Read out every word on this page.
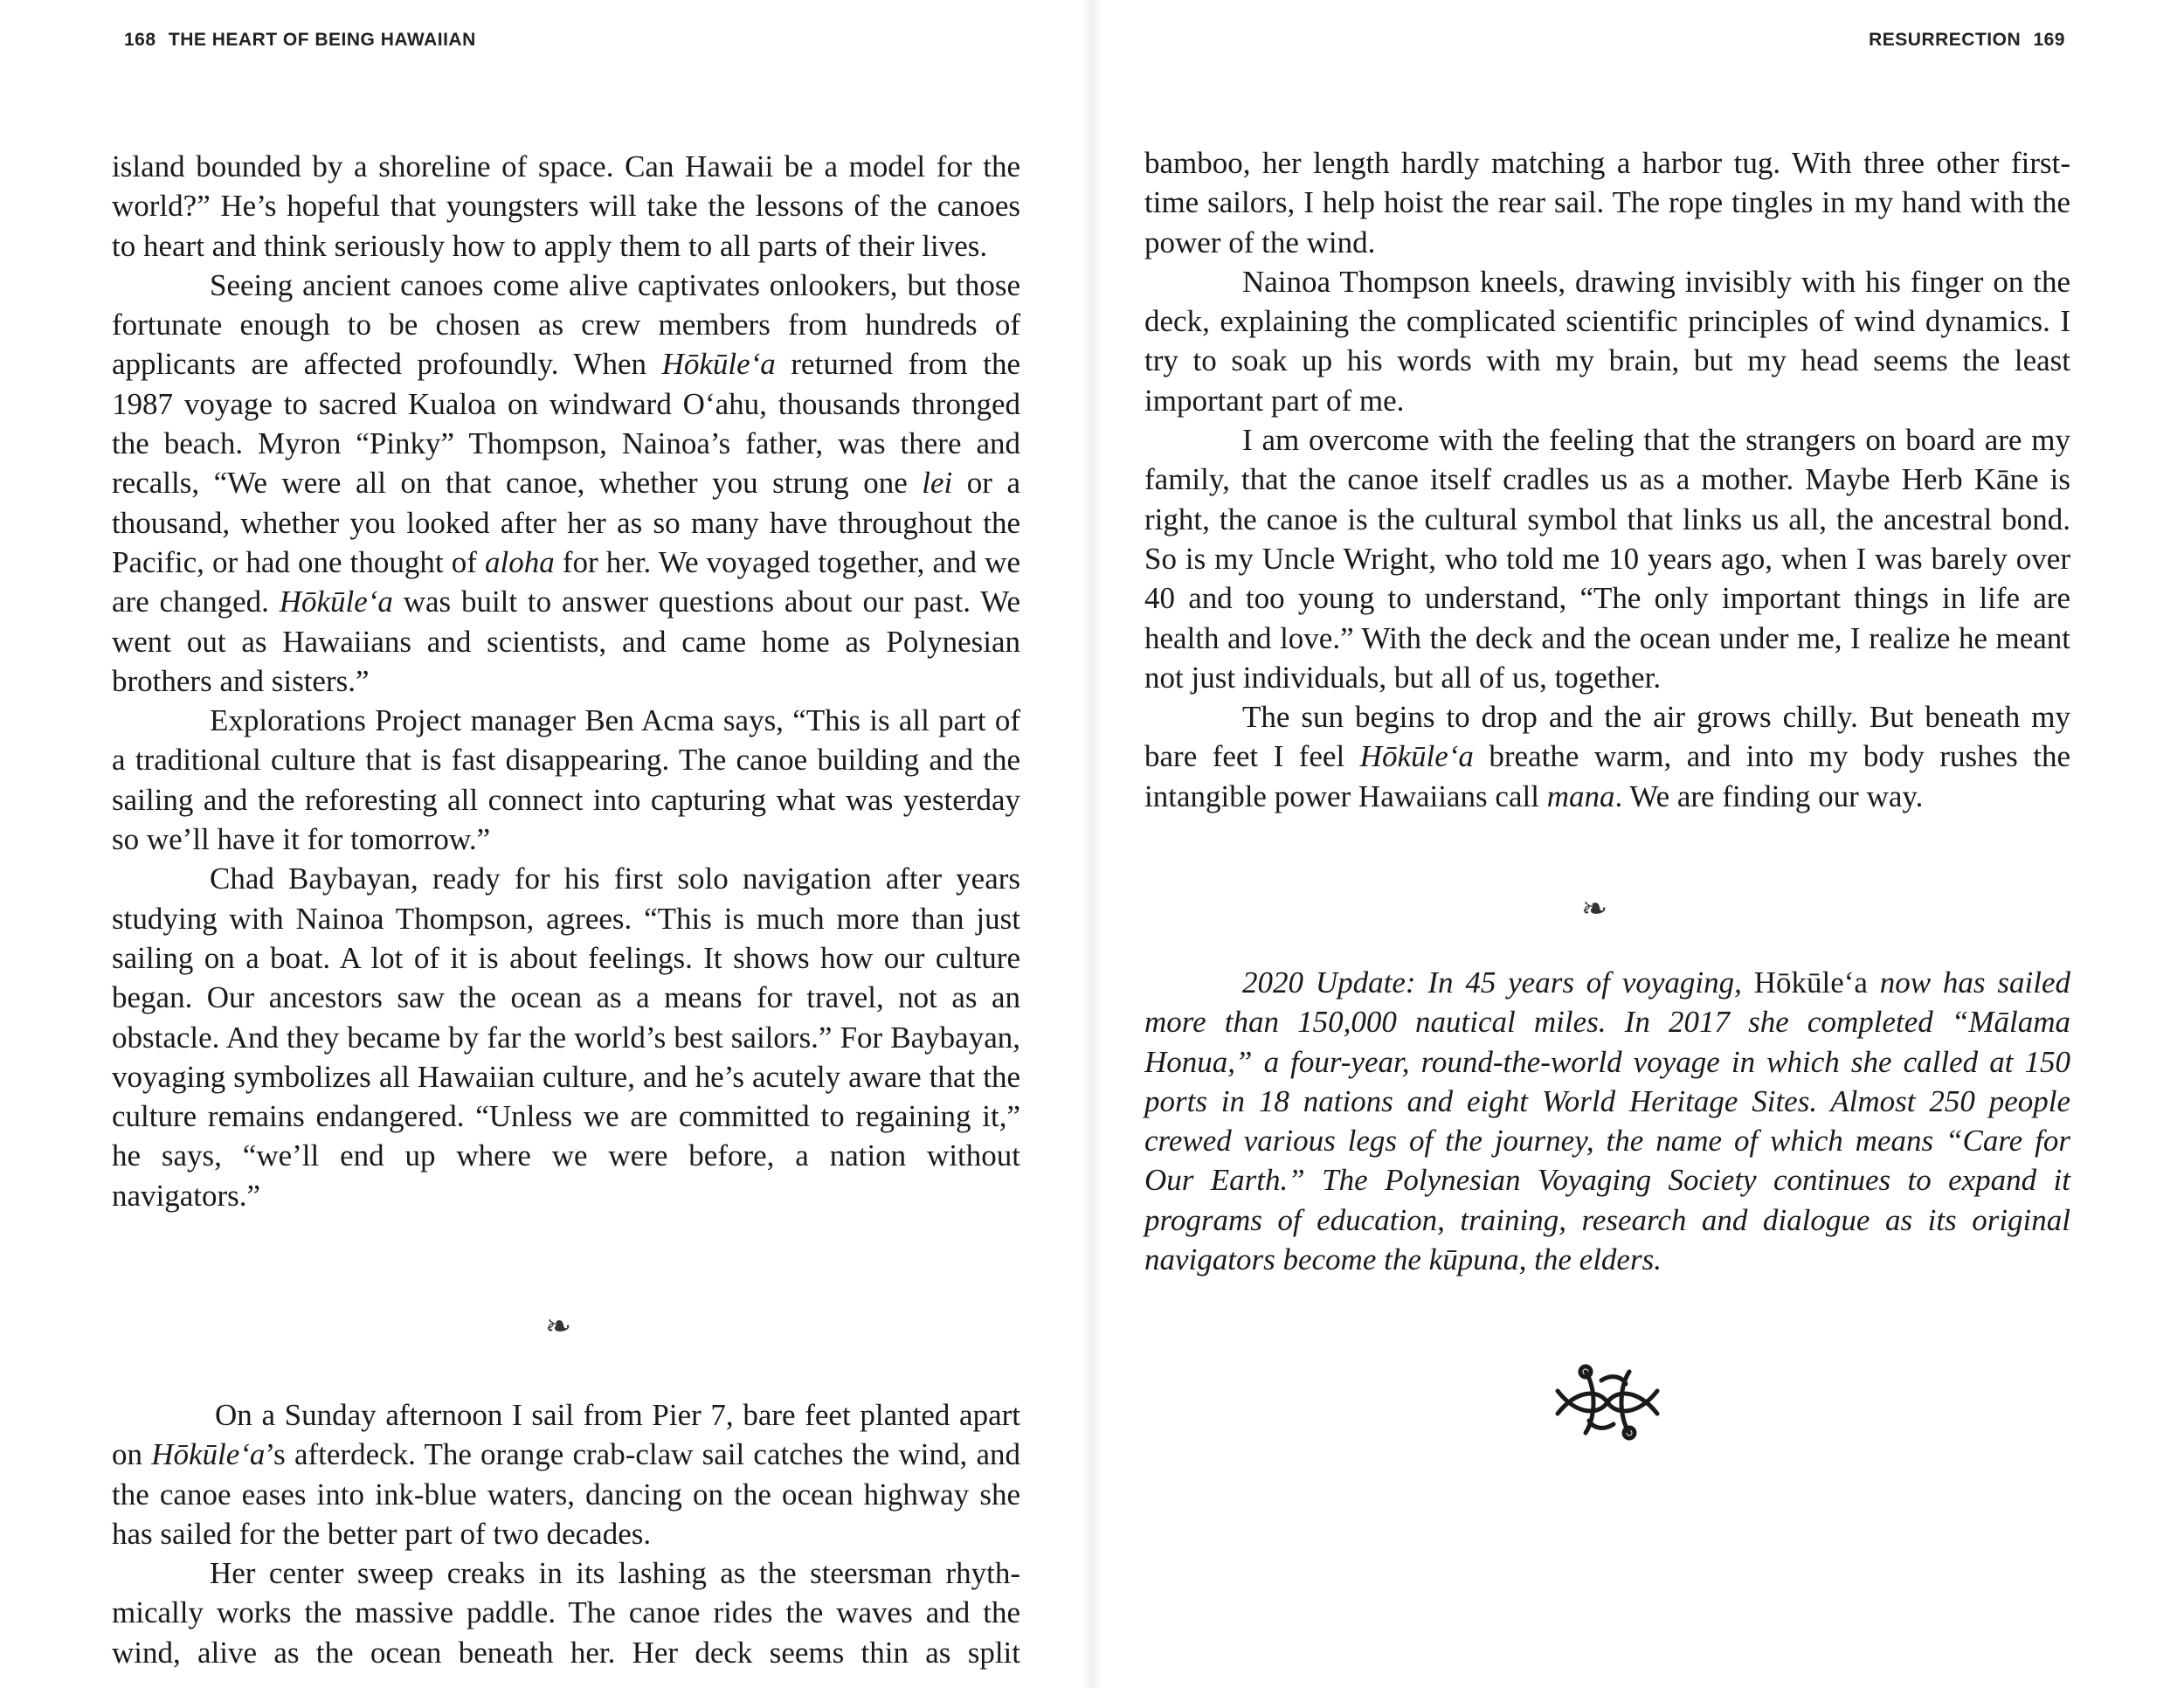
168 THE HEART OF BEING HAWAIIAN

island bounded by a shoreline of space. Can Hawaii be a model for the world?” He’s hopeful that youngsters will take the lessons of the canoes to heart and think seriously how to apply them to all parts of their lives.

Seeing ancient canoes come alive captivates onlookers, but those fortunate enough to be chosen as crew members from hundreds of applicants are affected profoundly. When Hōkūle‘a returned from the 1987 voyage to sacred Kualoa on windward O‘ahu, thousands thronged the beach. Myron “Pinky” Thompson, Nainoa’s father, was there and recalls, “We were all on that canoe, whether you strung one lei or a thousand, whether you looked after her as so many have throughout the Pacific, or had one thought of aloha for her. We voyaged together, and we are changed. Hōkūle‘a was built to answer questions about our past. We went out as Hawaiians and scientists, and came home as Polynesian brothers and sisters.”

Explorations Project manager Ben Acma says, “This is all part of a traditional culture that is fast disappearing. The canoe building and the sailing and the reforesting all connect into capturing what was yesterday so we’ll have it for tomorrow.”

Chad Baybayan, ready for his first solo navigation after years studying with Nainoa Thompson, agrees. “This is much more than just sailing on a boat. A lot of it is about feelings. It shows how our culture began. Our ancestors saw the ocean as a means for travel, not as an obstacle. And they became by far the world’s best sailors.” For Baybayan, voyaging symbolizes all Hawaiian culture, and he’s acutely aware that the culture remains endangered. “Unless we are committed to regaining it,” he says, “we’ll end up where we were before, a nation without navigators.”

❧

On a Sunday afternoon I sail from Pier 7, bare feet planted apart on Hōkūle‘a’s afterdeck. The orange crab-claw sail catches the wind, and the canoe eases into ink-blue waters, dancing on the ocean highway she has sailed for the better part of two decades.

Her center sweep creaks in its lashing as the steersman rhythmically works the massive paddle. The canoe rides the waves and the wind, alive as the ocean beneath her. Her deck seems thin as split

RESURRECTION 169

bamboo, her length hardly matching a harbor tug. With three other first-time sailors, I help hoist the rear sail. The rope tingles in my hand with the power of the wind.

Nainoa Thompson kneels, drawing invisibly with his finger on the deck, explaining the complicated scientific principles of wind dynamics. I try to soak up his words with my brain, but my head seems the least important part of me.

I am overcome with the feeling that the strangers on board are my family, that the canoe itself cradles us as a mother. Maybe Herb Kāne is right, the canoe is the cultural symbol that links us all, the ancestral bond. So is my Uncle Wright, who told me 10 years ago, when I was barely over 40 and too young to understand, “The only important things in life are health and love.” With the deck and the ocean under me, I realize he meant not just individuals, but all of us, together.

The sun begins to drop and the air grows chilly. But beneath my bare feet I feel Hōkūle‘a breathe warm, and into my body rushes the intangible power Hawaiians call mana. We are finding our way.

❧

2020 Update: In 45 years of voyaging, Hōkūle‘a now has sailed more than 150,000 nautical miles. In 2017 she completed “Mālama Honua,” a four-year, round-the-world voyage in which she called at 150 ports in 18 nations and eight World Heritage Sites. Almost 250 people crewed various legs of the journey, the name of which means “Care for Our Earth.” The Polynesian Voyaging Society continues to expand it programs of education, training, research and dialogue as its original navigators become the kūpuna, the elders.
